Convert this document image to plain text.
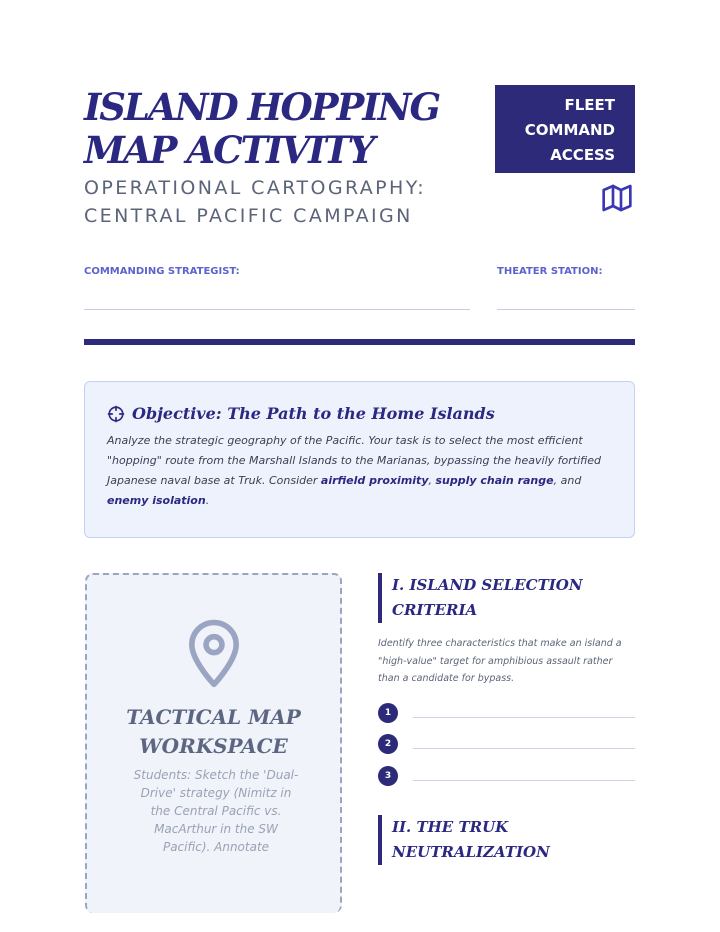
ISLAND HOPPING MAP ACTIVITY
OPERATIONAL CARTOGRAPHY: CENTRAL PACIFIC CAMPAIGN
FLEET
COMMAND
ACCESS
COMMANDING STRATEGIST:	THEATER STATION:
Objective: The Path to the Home Islands

Analyze the strategic geography of the Pacific. Your task is to select the most efficient "hopping" route from the Marshall Islands to the Marianas, bypassing the heavily fortified Japanese naval base at Truk. Consider airfield proximity, supply chain range, and enemy isolation.

TACTICAL MAP WORKSPACE
Students: Sketch the 'Dual-Drive' strategy (Nimitz in the Central Pacific vs. MacArthur in the SW Pacific). Annotate
I. ISLAND SELECTION CRITERIA
Identify three characteristics that make an island a "high-value" target for amphibious assault rather than a candidate for bypass.
1
2
3
II. THE TRUK NEUTRALIZATION
